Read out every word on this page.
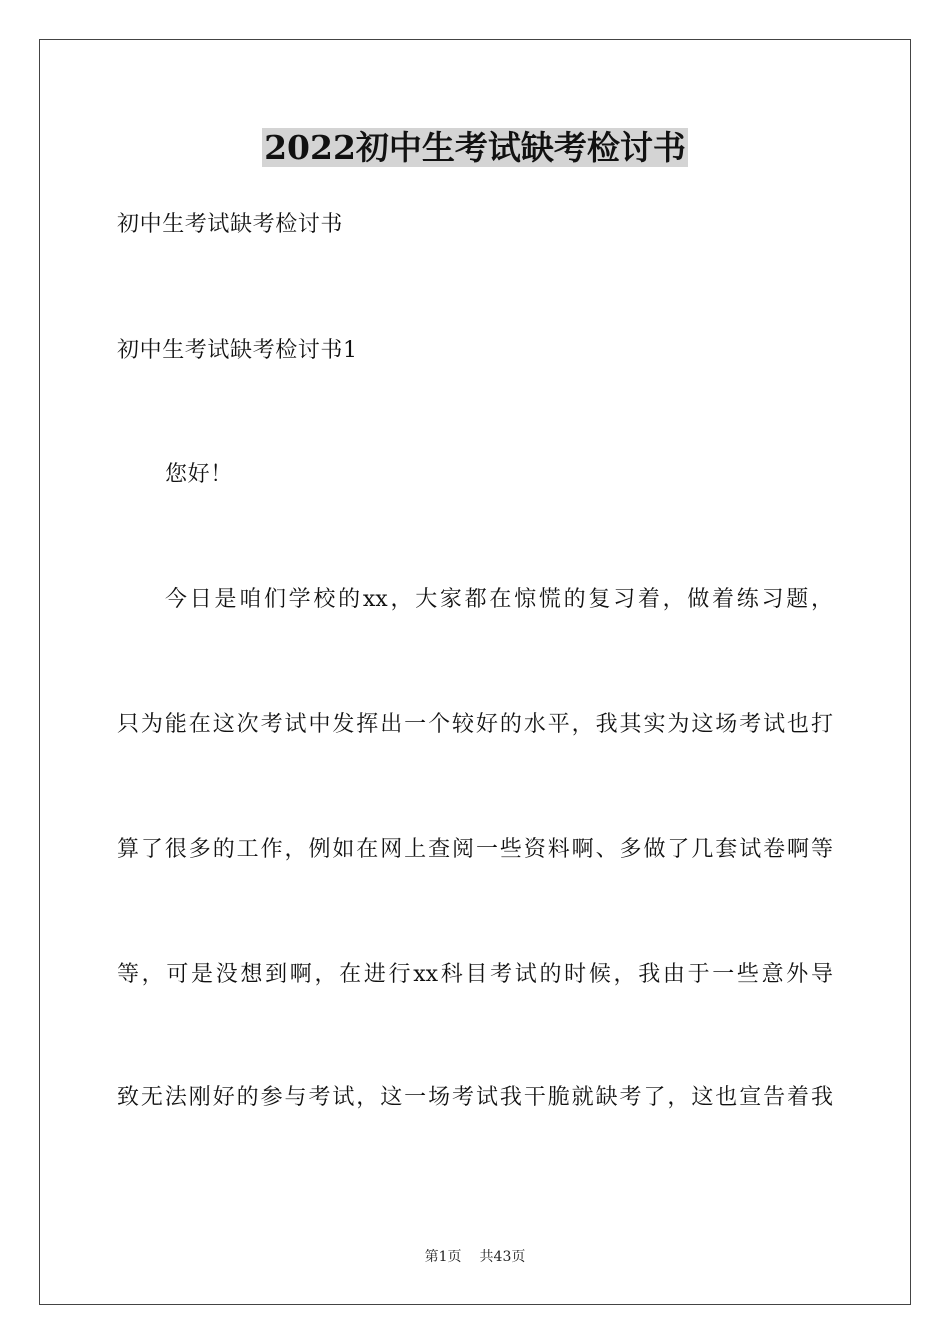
2022初中生考试缺考检讨书

初中生考试缺考检讨书

初中生考试缺考检讨书1

您好！

今日是咱们学校的xx，大家都在惊慌的复习着，做着练习题，

只为能在这次考试中发挥出一个较好的水平，我其实为这场考试也打

算了很多的工作，例如在网上查阅一些资料啊、多做了几套试卷啊等

等，可是没想到啊，在进行xx科目考试的时候，我由于一些意外导

致无法刚好的参与考试，这一场考试我干脆就缺考了，这也宣告着我

第1页 共43页
